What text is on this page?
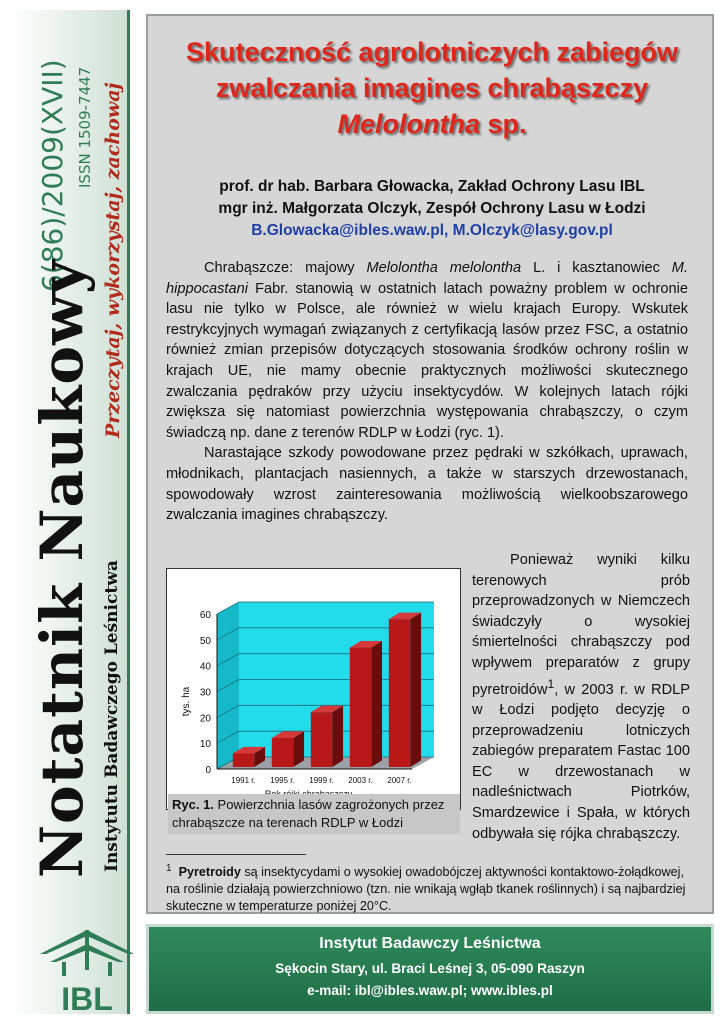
6(86)/2009(XVII) ISSN 1509-7447 Przeczytaj, wykorzystaj, zachowaj
Notatnik Naukowy Instytutu Badawczego Leśnictwa
IBL
Skuteczność agrolotniczych zabiegów zwalczania imagines chrabąszczy Melolontha sp.
prof. dr hab. Barbara Głowacka, Zakład Ochrony Lasu IBL
mgr inż. Małgorzata Olczyk, Zespół Ochrony Lasu w Łodzi
B.Glowacka@ibles.waw.pl, M.Olczyk@lasy.gov.pl

Chrabąszcze: majowy Melolontha melolontha L. i kasztanowiec M. hippocastani Fabr. stanowią w ostatnich latach poważny problem w ochronie lasu nie tylko w Polsce, ale również w wielu krajach Europy. Wskutek restrykcyjnych wymagań związanych z certyfikacją lasów przez FSC, a ostatnio również zmian przepisów dotyczących stosowania środków ochrony roślin w krajach UE, nie mamy obecnie praktycznych możliwości skutecznego zwalczania pędraków przy użyciu insektycydów. W kolejnych latach rójki zwiększa się natomiast powierzchnia występowania chrabąszczy, o czym świadczą np. dane z terenów RDLP w Łodzi (ryc. 1).

Narastające szkody powodowane przez pędraki w szkółkach, uprawach, młodnikach, plantacjach nasiennych, a także w starszych drzewostanach, spowodowały wzrost zainteresowania możliwością wielkoobszarowego zwalczania imagines chrabąszczy.

0
10
20
30
40
50
60
1991 r. 1995 r. 1999 r. 2003 r. 2007 r.
tys. ha
Ryc. 1. Powierzchnia lasów zagrożonych przez chrabąszcze na terenach RDLP w Łodzi

Ponieważ wyniki kilku terenowych prób przeprowadzonych w Niemczech świadczyły o wysokiej śmiertelności chrabąszczy pod wpływem preparatów z grupy pyretroidów$^1$, w 2003 r. w RDLP w Łodzi podjęto decyzję o przeprowadzeniu lotniczych zabiegów preparatem Fastac 100 EC w drzewostanach w nadleśnictwach Piotrków, Smardzewice i Spała, w których odbywała się rójka chrabąszczy.

$^1$ Pyretroidy są insektycydami o wysokiej owadobójczej aktywności kontaktowo-żołądkowej, na roślinie działają powierzchniowo (tzn. nie wnikają wgłąb tkanek roślinnych) i są najbardziej skuteczne w temperaturze poniżej 20°C.
Instytut Badawczy Leśnictwa
Sękocin Stary, ul. Braci Leśnej 3, 05-090 Raszyn
e-mail: ibl@ibles.waw.pl; www.ibles.pl
